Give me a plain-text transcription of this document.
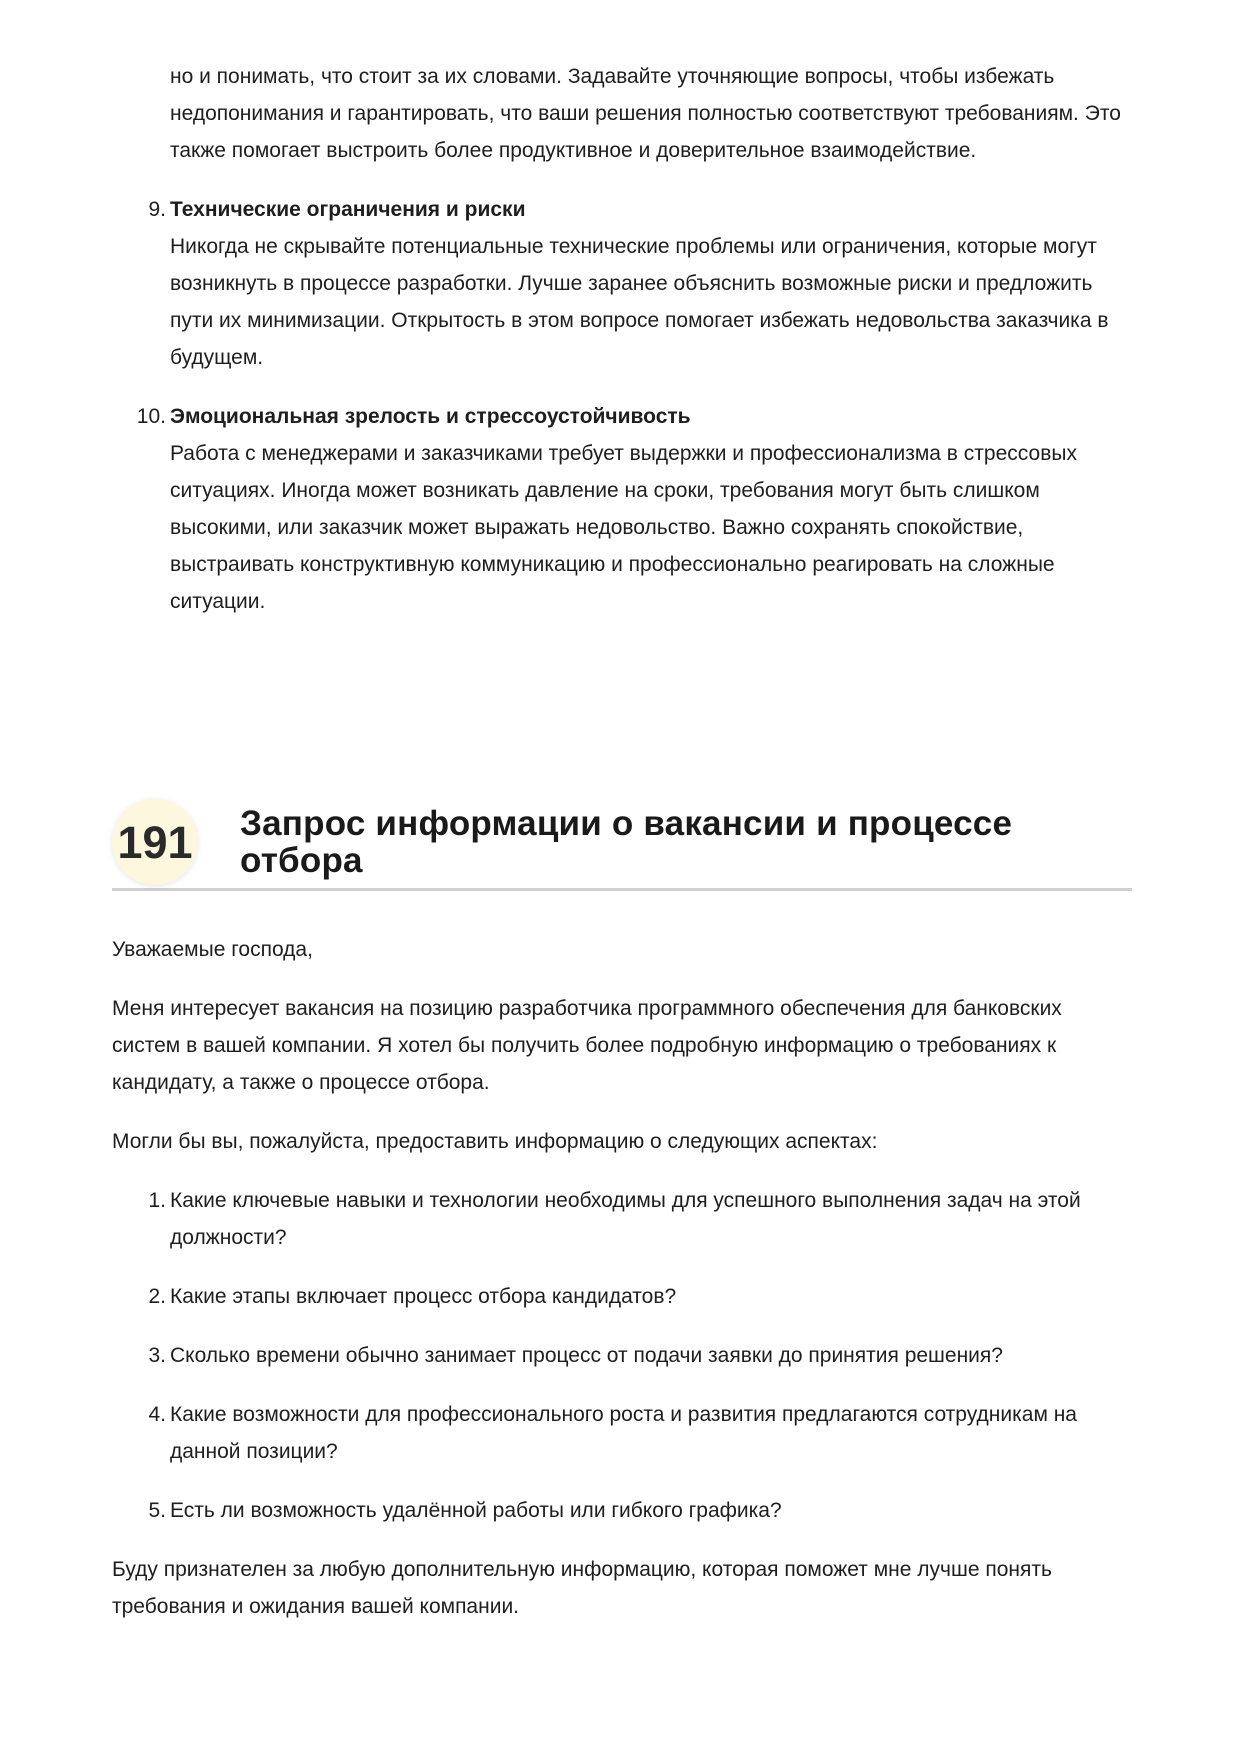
но и понимать, что стоит за их словами. Задавайте уточняющие вопросы, чтобы избежать недопонимания и гарантировать, что ваши решения полностью соответствуют требованиям. Это также помогает выстроить более продуктивное и доверительное взаимодействие.

9. Технические ограничения и риски
Никогда не скрывайте потенциальные технические проблемы или ограничения, которые могут возникнуть в процессе разработки. Лучше заранее объяснить возможные риски и предложить пути их минимизации. Открытость в этом вопросе помогает избежать недовольства заказчика в будущем.
10. Эмоциональная зрелость и стрессоустойчивость
Работа с менеджерами и заказчиками требует выдержки и профессионализма в стрессовых ситуациях. Иногда может возникать давление на сроки, требования могут быть слишком высокими, или заказчик может выражать недовольство. Важно сохранять спокойствие, выстраивать конструктивную коммуникацию и профессионально реагировать на сложные ситуации.
191 Запрос информации о вакансии и процессе отбора

Уважаемые господа,

Меня интересует вакансия на позицию разработчика программного обеспечения для банковских систем в вашей компании. Я хотел бы получить более подробную информацию о требованиях к кандидату, а также о процессе отбора.

Могли бы вы, пожалуйста, предоставить информацию о следующих аспектах:

1. Какие ключевые навыки и технологии необходимы для успешного выполнения задач на этой должности?
2. Какие этапы включает процесс отбора кандидатов?
3. Сколько времени обычно занимает процесс от подачи заявки до принятия решения?
4. Какие возможности для профессионального роста и развития предлагаются сотрудникам на данной позиции?
5. Есть ли возможность удалённой работы или гибкого графика?

Буду признателен за любую дополнительную информацию, которая поможет мне лучше понять требования и ожидания вашей компании.
